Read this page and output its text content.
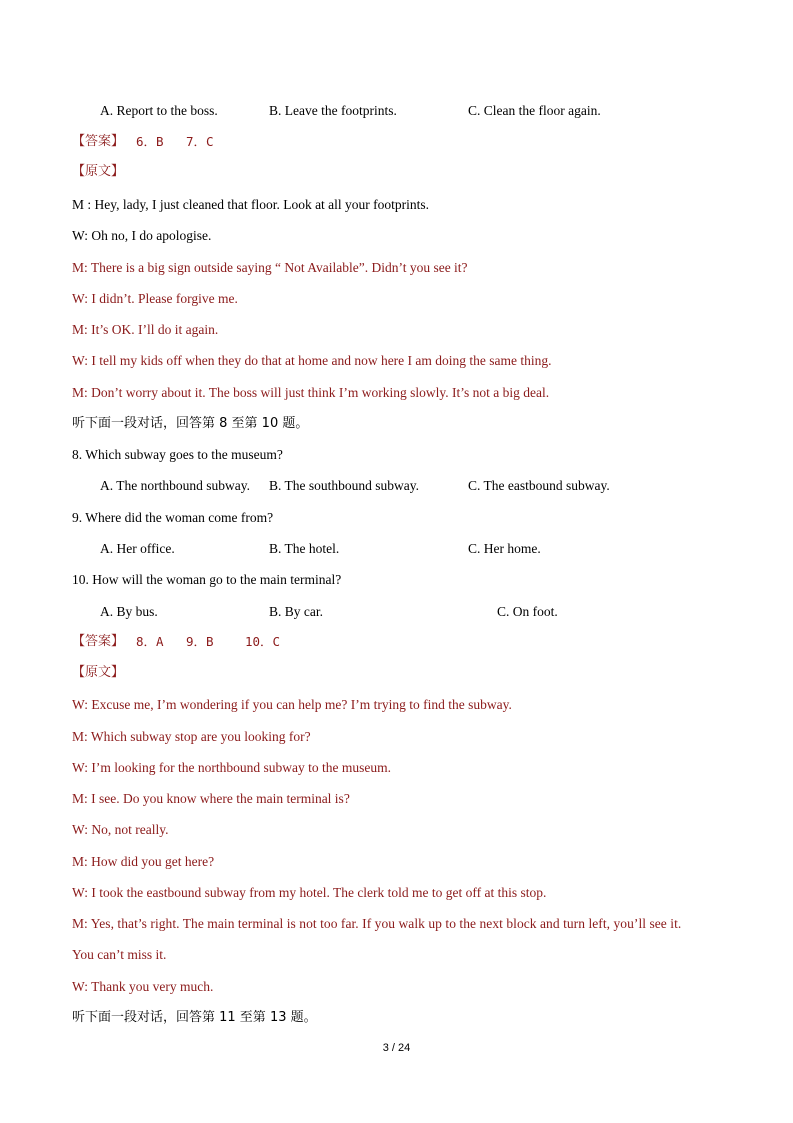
A. Report to the boss.	B. Leave the footprints.	C. Clean the floor again.
【答案】 6．B 7．C
【原文】
M : Hey, lady, I just cleaned that floor. Look at all your footprints.
W: Oh no, I do apologise.
M: There is a big sign outside saying “ Not Available”. Didn’t you see it?
W: I didn’t. Please forgive me.
M: It’s OK. I’ll do it again.
W: I tell my kids off when they do that at home and now here I am doing the same thing.
M: Don’t worry about it. The boss will just think I’m working slowly. It’s not a big deal.
听下面一段对话，回答第 8 至第 10 题。
8. Which subway goes to the museum?
A. The northbound subway. B. The southbound subway.	C. The eastbound subway.
9. Where did the woman come from?
A. Her office.	B. The hotel.	C. Her home.
10. How will the woman go to the main terminal?
A. By bus.	B. By car.	C. On foot.
【答案】 8．A 9．B	10．C
【原文】
W: Excuse me, I’m wondering if you can help me? I’m trying to find the subway.
M: Which subway stop are you looking for?
W: I’m looking for the northbound subway to the museum.
M: I see. Do you know where the main terminal is?
W: No, not really.
M: How did you get here?
W: I took the eastbound subway from my hotel. The clerk told me to get off at this stop.
M: Yes, that’s right. The main terminal is not too far. If you walk up to the next block and turn left, you’ll see it.
You can’t miss it.
W: Thank you very much.
听下面一段对话，回答第 11 至第 13 题。
3 / 24
